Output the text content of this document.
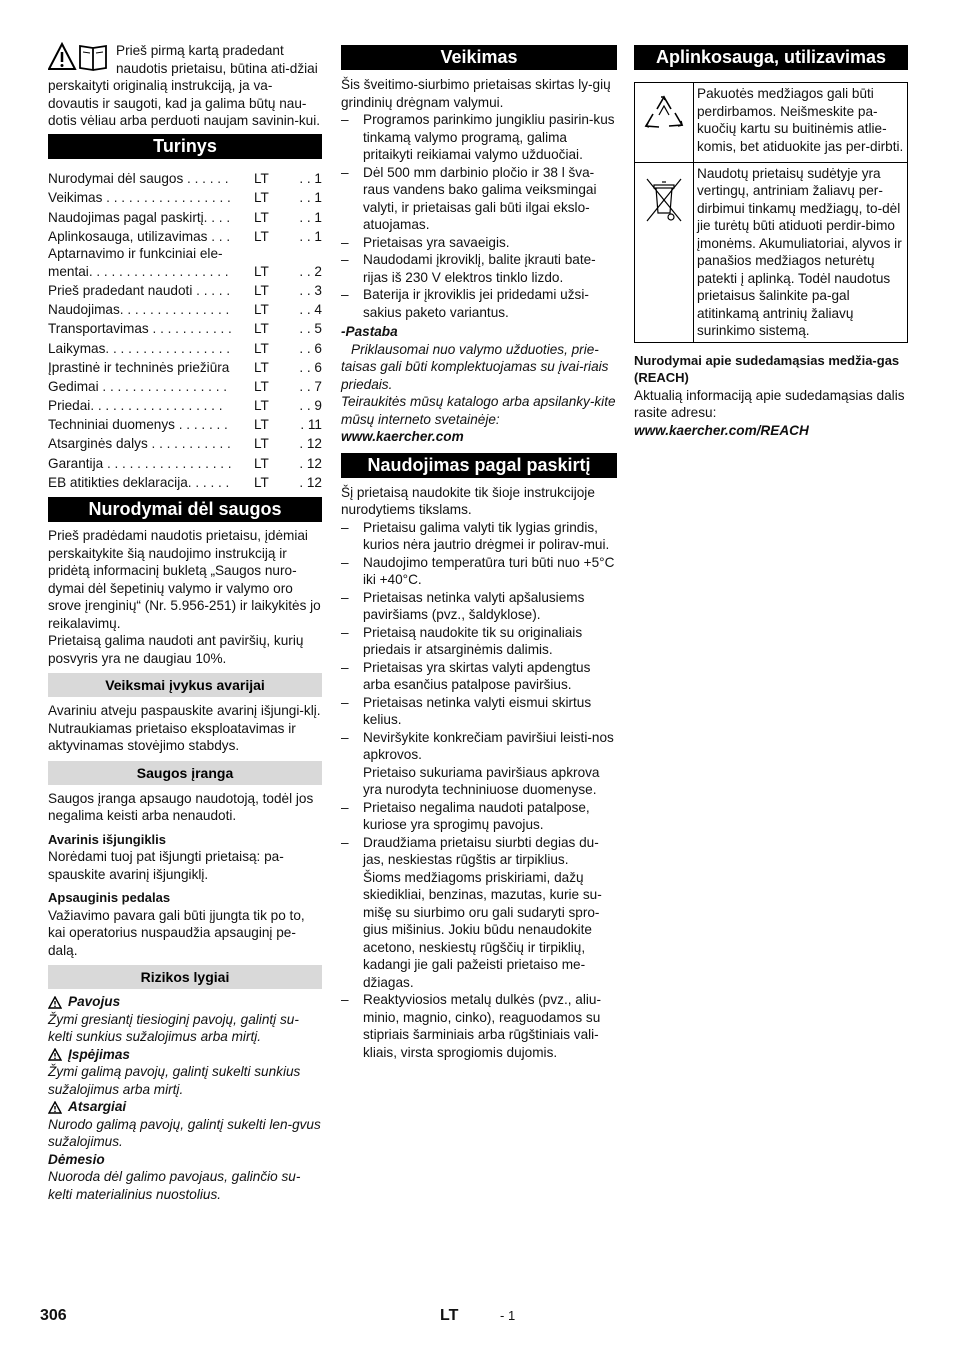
Prieš pirmą kartą pradedant naudotis prietaisu, būtina ati-džiai perskaityti originalią instrukciją, ja va-dovautis ir saugoti, kad ja galima būtų nau-dotis vėliau arba perduoti naujam savinin-kui.

Turinys
Nurodymai dėl saugos . . . . . .	LT	. . 1
Veikimas . . . . . . . . . . . . . . . . .	LT	. . 1
Naudojimas pagal paskirtį. . . .	LT	. . 1
Aplinkosauga, utilizavimas . . .	LT	. . 1
Aptarnavimo ir funkciniai ele-
mentai. . . . . . . . . . . . . . . . . . .	LT	. . 2
Prieš pradedant naudoti . . . . .	LT	. . 3
Naudojimas. . . . . . . . . . . . . . .	LT	. . 4
Transportavimas . . . . . . . . . . .	LT	. . 5
Laikymas. . . . . . . . . . . . . . . . .	LT	. . 6
Įprastinė ir techninės priežiūra	LT	. . 6
Gedimai . . . . . . . . . . . . . . . . .	LT	. . 7
Priedai. . . . . . . . . . . . . . . . . .	LT	. . 9
Techniniai duomenys . . . . . . .	LT	. 11
Atsarginės dalys . . . . . . . . . . .	LT	. 12
Garantija . . . . . . . . . . . . . . . . .	LT	. 12
EB atitikties deklaracija. . . . . .	LT	. 12
Nurodymai dėl saugos

Prieš pradėdami naudotis prietaisu, įdėmiai perskaitykite šią naudojimo instrukciją ir pridėtą informacinį bukletą „Saugos nuro-dymai dėl šepetinių valymo ir valymo oro srove įrenginių“ (Nr. 5.956-251) ir laikykitės jo reikalavimų.

Prietaisą galima naudoti ant paviršių, kurių posvyris yra ne daugiau 10%.

Veiksmai įvykus avarijai

Avariniu atveju paspauskite avarinį išjungi-klį. Nutraukiamas prietaiso eksploatavimas ir aktyvinamas stovėjimo stabdys.

Saugos įranga

Saugos įranga apsaugo naudotoją, todėl jos negalima keisti arba nenaudoti.

Avarinis išjungiklis

Norėdami tuoj pat išjungti prietaisą: pa-spauskite avarinį išjungiklį.

Apsauginis pedalas

Važiavimo pavara gali būti įjungta tik po to, kai operatorius nuspaudžia apsauginį pe-dalą.

Rizikos lygiai
Pavojus

Žymi gresiantį tiesioginį pavojų, galintį su-kelti sunkius sužalojimus arba mirtį.

Įspėjimas

Žymi galimą pavojų, galintį sukelti sunkius sužalojimus arba mirtį.

Atsargiai

Nurodo galimą pavojų, galintį sukelti len-gvus sužalojimus.

Dėmesio

Nuoroda dėl galimo pavojaus, galinčio su-kelti materialinius nuostolius.

Veikimas

Šis šveitimo-siurbimo prietaisas skirtas ly-gių grindinių drėgnam valymui.

– Programos parinkimo jungikliu pasirin-kus tinkamą valymo programą, galima pritaikyti reikiamai valymo užduočiai.
– Dėl 500 mm darbinio pločio ir 38 l šva-raus vandens bako galima veiksmingai valyti, ir prietaisas gali būti ilgai ekslo-atuojamas.
– Prietaisas yra savaeigis.
– Naudodami įkroviklį, balite įkrauti bate-rijas iš 230 V elektros tinklo lizdo.
– Baterija ir įkroviklis jei pridedami užsi-sakius paketo variantus.

-Pastaba

Priklausomai nuo valymo užduoties, prie-taisas gali būti komplektuojamas su įvai-riais priedais.

Teiraukitės mūsų katalogo arba apsilanky-kite mūsų interneto svetainėje:

www.kaercher.com

Naudojimas pagal paskirtį

Šį prietaisą naudokite tik šioje instrukcijoje nurodytiems tikslams.

– Prietaisu galima valyti tik lygias grindis, kurios nėra jautrio drėgmei ir polirav-mui.
– Naudojimo temperatūra turi būti nuo +5°C iki +40°C.
– Prietaisas netinka valyti apšalusiems paviršiams (pvz., šaldyklose).
– Prietaisą naudokite tik su originaliais priedais ir atsarginėmis dalimis.
– Prietaisas yra skirtas valyti apdengtus arba esančius patalpose paviršius.
– Prietaisas netinka valyti eismui skirtus kelius.
– Neviršykite konkrečiam paviršiui leisti-nos apkrovos.
Prietaiso sukuriama paviršiaus apkrova yra nurodyta techniniuose duomenyse.
– Prietaiso negalima naudoti patalpose, kuriose yra sprogimų pavojus.
– Draudžiama prietaisu siurbti degias du-jas, neskiestas rūgštis ar tirpiklius.
Šioms medžiagoms priskiriami, dažų skiedikliai, benzinas, mazutas, kurie su-mišę su siurbimo oru gali sudaryti spro-gius mišinius. Jokiu būdu nenaudokite acetono, neskiestų rūgščių ir tirpiklių, kadangi jie gali pažeisti prietaiso me-džiagas.
– Reaktyviosios metalų dulkės (pvz., aliu-minio, magnio, cinko), reaguodamos su stipriais šarminiais arba rūgštiniais vali-kliais, virsta sprogiomis dujomis.
Aplinkosauga, utilizavimas
	Pakuotės medžiagos gali būti perdirbamos. Neišmeskite pa-kuočių kartu su buitinėmis atlie-komis, bet atiduokite jas per-dirbti.
	Naudotų prietaisų sudėtyje yra vertingų, antriniam žaliavų per-dirbimui tinkamų medžiagų, to-dėl jie turėtų būti atiduoti perdir-bimo įmonėms. Akumuliatoriai, alyvos ir panašios medžiagos neturėtų patekti į aplinką. Todėl naudotus prietaisus šalinkite pa-gal atitinkamą antrinių žaliavų surinkimo sistemą.

Nurodymai apie sudedamąsias medžia-gas (REACH)

Aktualią informaciją apie sudedamąsias dalis rasite adresu:

www.kaercher.com/REACH

306	LT	- 1
